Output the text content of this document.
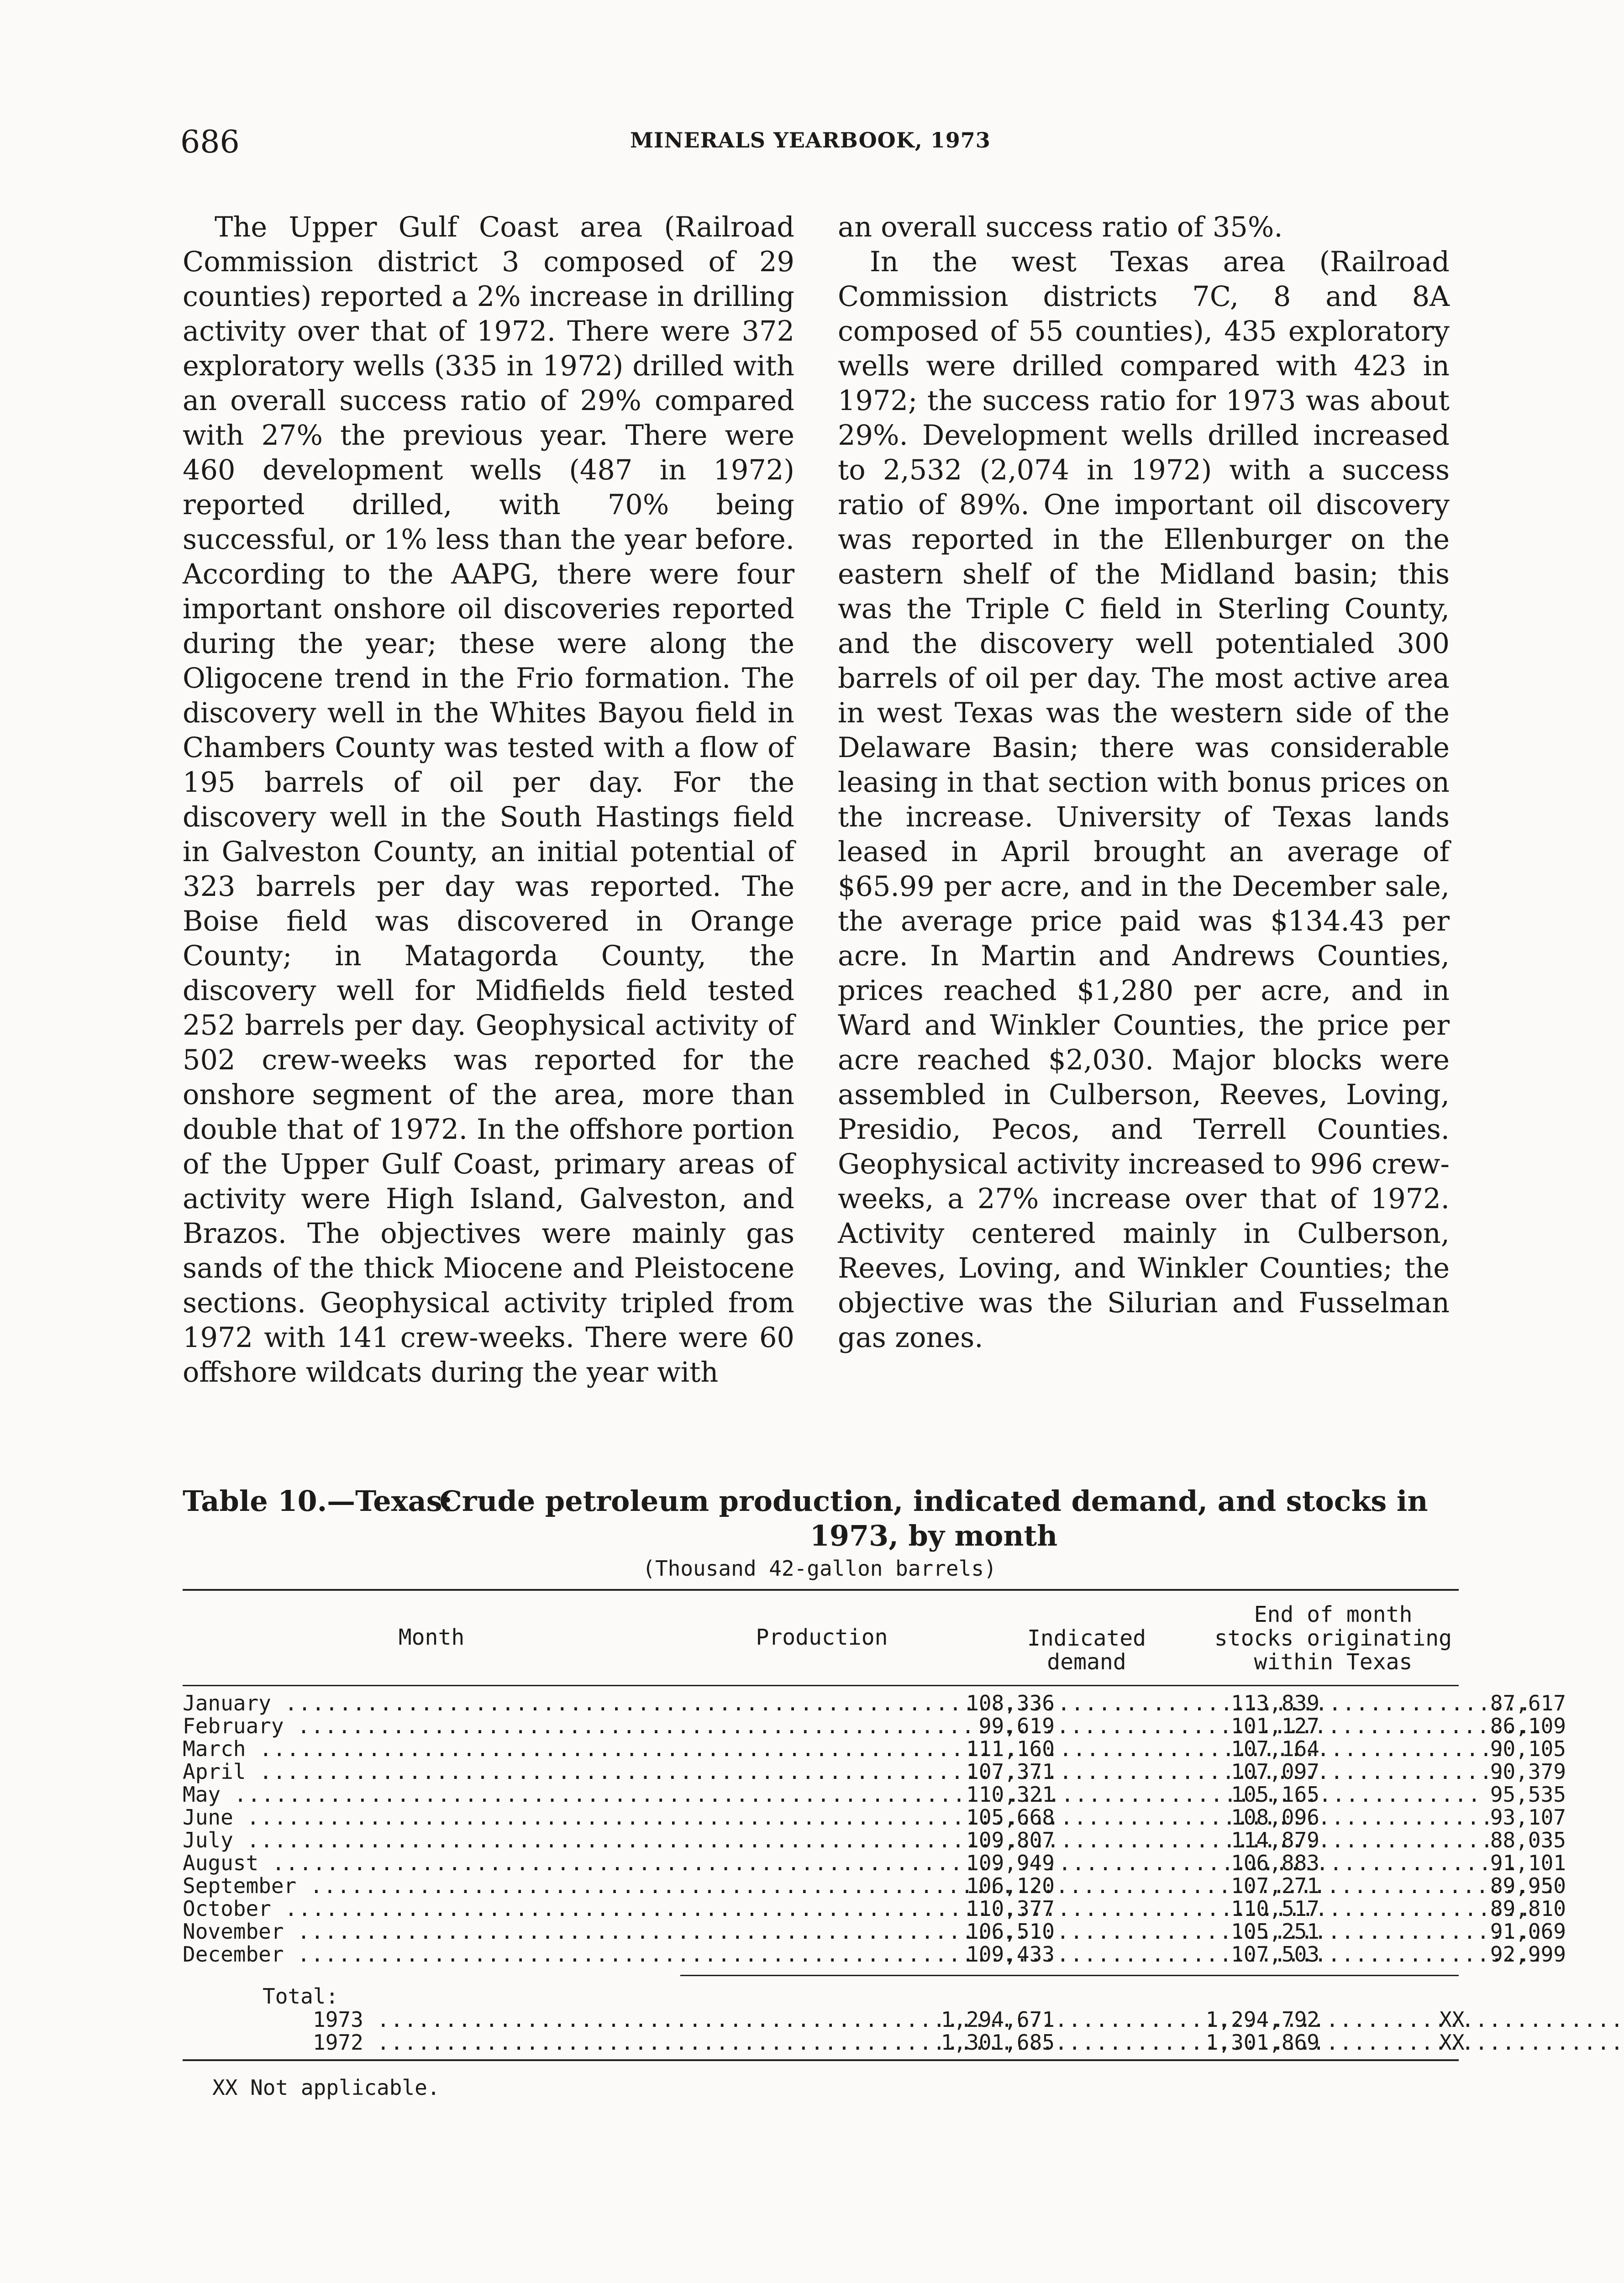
686	MINERALS YEARBOOK, 1973

The Upper Gulf Coast area (Railroad Commission district 3 composed of 29 counties) reported a 2% increase in drilling activity over that of 1972. There were 372 exploratory wells (335 in 1972) drilled with an overall success ratio of 29% compared with 27% the previous year. There were 460 development wells (487 in 1972) reported drilled, with 70% being successful, or 1% less than the year before. According to the AAPG, there were four important onshore oil discoveries reported during the year; these were along the Oligocene trend in the Frio formation. The discovery well in the Whites Bayou field in Chambers County was tested with a flow of 195 barrels of oil per day. For the discovery well in the South Hastings field in Galveston County, an initial potential of 323 barrels per day was reported. The Boise field was discovered in Orange County; in Matagorda County, the discovery well for Midfields field tested 252 barrels per day. Geophysical activity of 502 crew-weeks was reported for the onshore segment of the area, more than double that of 1972. In the offshore portion of the Upper Gulf Coast, primary areas of activity were High Island, Galveston, and Brazos. The objectives were mainly gas sands of the thick Miocene and Pleistocene sections. Geophysical activity tripled from 1972 with 141 crew-weeks. There were 60 offshore wildcats during the year with

an overall success ratio of 35%.

In the west Texas area (Railroad Commission districts 7C, 8 and 8A composed of 55 counties), 435 exploratory wells were drilled compared with 423 in 1972; the success ratio for 1973 was about 29%. Development wells drilled increased to 2,532 (2,074 in 1972) with a success ratio of 89%. One important oil discovery was reported in the Ellenburger on the eastern shelf of the Midland basin; this was the Triple C field in Sterling County, and the discovery well potentialed 300 barrels of oil per day. The most active area in west Texas was the western side of the Delaware Basin; there was considerable leasing in that section with bonus prices on the increase. University of Texas lands leased in April brought an average of $65.99 per acre, and in the December sale, the average price paid was $134.43 per acre. In Martin and Andrews Counties, prices reached $1,280 per acre, and in Ward and Winkler Counties, the price per acre reached $2,030. Major blocks were assembled in Culberson, Reeves, Loving, Presidio, Pecos, and Terrell Counties. Geophysical activity increased to 996 crew-weeks, a 27% increase over that of 1972. Activity centered mainly in Culberson, Reeves, Loving, and Winkler Counties; the objective was the Silurian and Fusselman gas zones.

Table 10.—Texas:
Crude petroleum production, indicated demand, and stocks in 1973, by month
(Thousand 42-gallon barrels)
Month	Production	Indicated
demand
End of month
stocks originating
within Texas
January .....	108,336	113,839	87,617
February .....	99,619	101,127	86,109
March .....	111,160	107,164	90,105
April .....	107,371	107,097	90,379
May .....	110,321	105,165	95,535
June .....	105,668	108,096	93,107
July .....	109,807	114,879	88,035
August .....	109,949	106,883	91,101
September .....	106,120	107,271	89,950
October .....	110,377	110,517	89,810
November .....	106,510	105,251	91,069
December .....	109,433	107,503	92,999
Total:
1973 .....	1,294,671	1,294,792	XX
1972 .....	1,301,685	1,301,869	XX
XX Not applicable.
